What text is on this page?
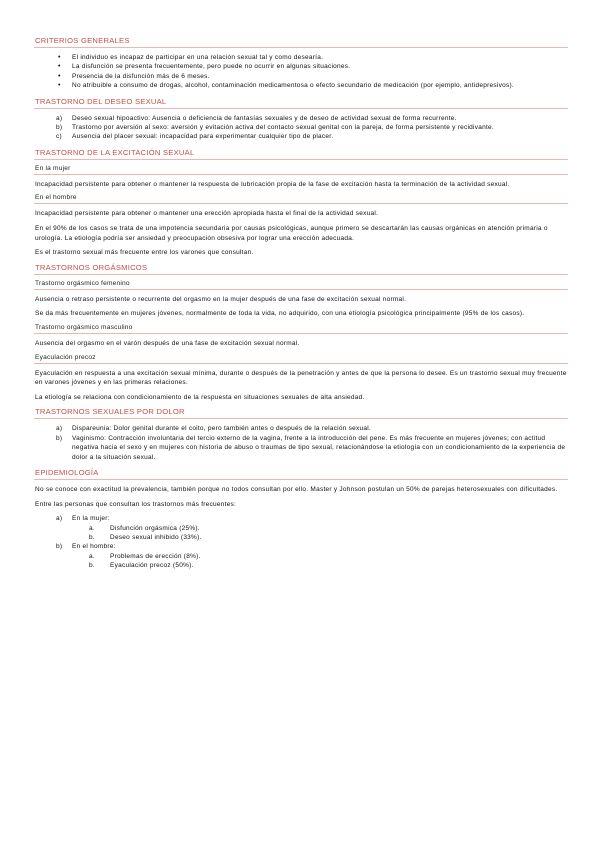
CRITERIOS GENERALES
• El individuo es incapaz de participar en una relación sexual tal y como desearía.
• La disfunción se presenta frecuentemente, pero puede no ocurrir en algunas situaciones.
• Presencia de la disfunción más de 6 meses.
• No atribuible a consumo de drogas, alcohol, contaminación medicamentosa o efecto secundario de medicación (por ejemplo, antidepresivos).
TRASTORNO DEL DESEO SEXUAL
a) Deseo sexual hipoactivo: Ausencia o deficiencia de fantasías sexuales y de deseo de actividad sexual de forma recurrente.
b) Trastorno por aversión al sexo: aversión y evitación activa del contacto sexual genital con la pareja, de forma persistente y recidivante.
c) Ausencia del placer sexual: incapacidad para experimentar cualquier tipo de placer.
TRASTORNO DE LA EXCITACIÓN SEXUAL
En la mujer

Incapacidad persistente para obtener o mantener la respuesta de lubricación propia de la fase de excitación hasta la terminación de la actividad sexual.

En el hombre

Incapacidad persistente para obtener o mantener una erección apropiada hasta el final de la actividad sexual.

En el 90% de los casos se trata de una impotencia secundaria por causas psicológicas, aunque primero se descartarán las causas orgánicas en atención primaria o urología. La etiología podría ser ansiedad y preocupación obsesiva por lograr una erección adecuada.

Es el trastorno sexual más frecuente entre los varones que consultan.

TRASTORNOS ORGÁSMICOS
Trastorno orgásmico femenino

Ausencia o retraso persistente o recurrente del orgasmo en la mujer después de una fase de excitación sexual normal.

Se da más frecuentemente en mujeres jóvenes, normalmente de toda la vida, no adquirido, con una etiología psicológica principalmente (95% de los casos).

Trastorno orgásmico masculino

Ausencia del orgasmo en el varón después de una fase de excitación sexual normal.

Eyaculación precoz

Eyaculación en respuesta a una excitación sexual mínima, durante o después de la penetración y antes de que la persona lo desee. Es un trastorno sexual muy frecuente en varones jóvenes y en las primeras relaciones.

La etiología se relaciona con condicionamiento de la respuesta en situaciones sexuales de alta ansiedad.

TRASTORNOS SEXUALES POR DOLOR
a) Dispareunia: Dolor genital durante el coito, pero también antes o después de la relación sexual.
b) Vaginismo: Contracción involuntaria del tercio externo de la vagina, frente a la introducción del pene. Es más frecuente en mujeres jóvenes; con actitud negativa hacia el sexo y en mujeres con historia de abuso o traumas de tipo sexual, relacionándose la etiología con un condicionamiento de la experiencia de dolor a la situación sexual.
EPIDEMIOLOGÍA

No se conoce con exactitud la prevalencia, también porque no todos consultan por ello. Master y Johnson postulan un 50% de parejas heterosexuales con dificultades.

Entre las personas que consultan los trastornos más frecuentes:

a) En la mujer:
a. Disfunción orgásmica (25%).
b. Deseo sexual inhibido (33%).
b) En el hombre:
a. Problemas de erección (8%).
b. Eyaculación precoz (50%).
